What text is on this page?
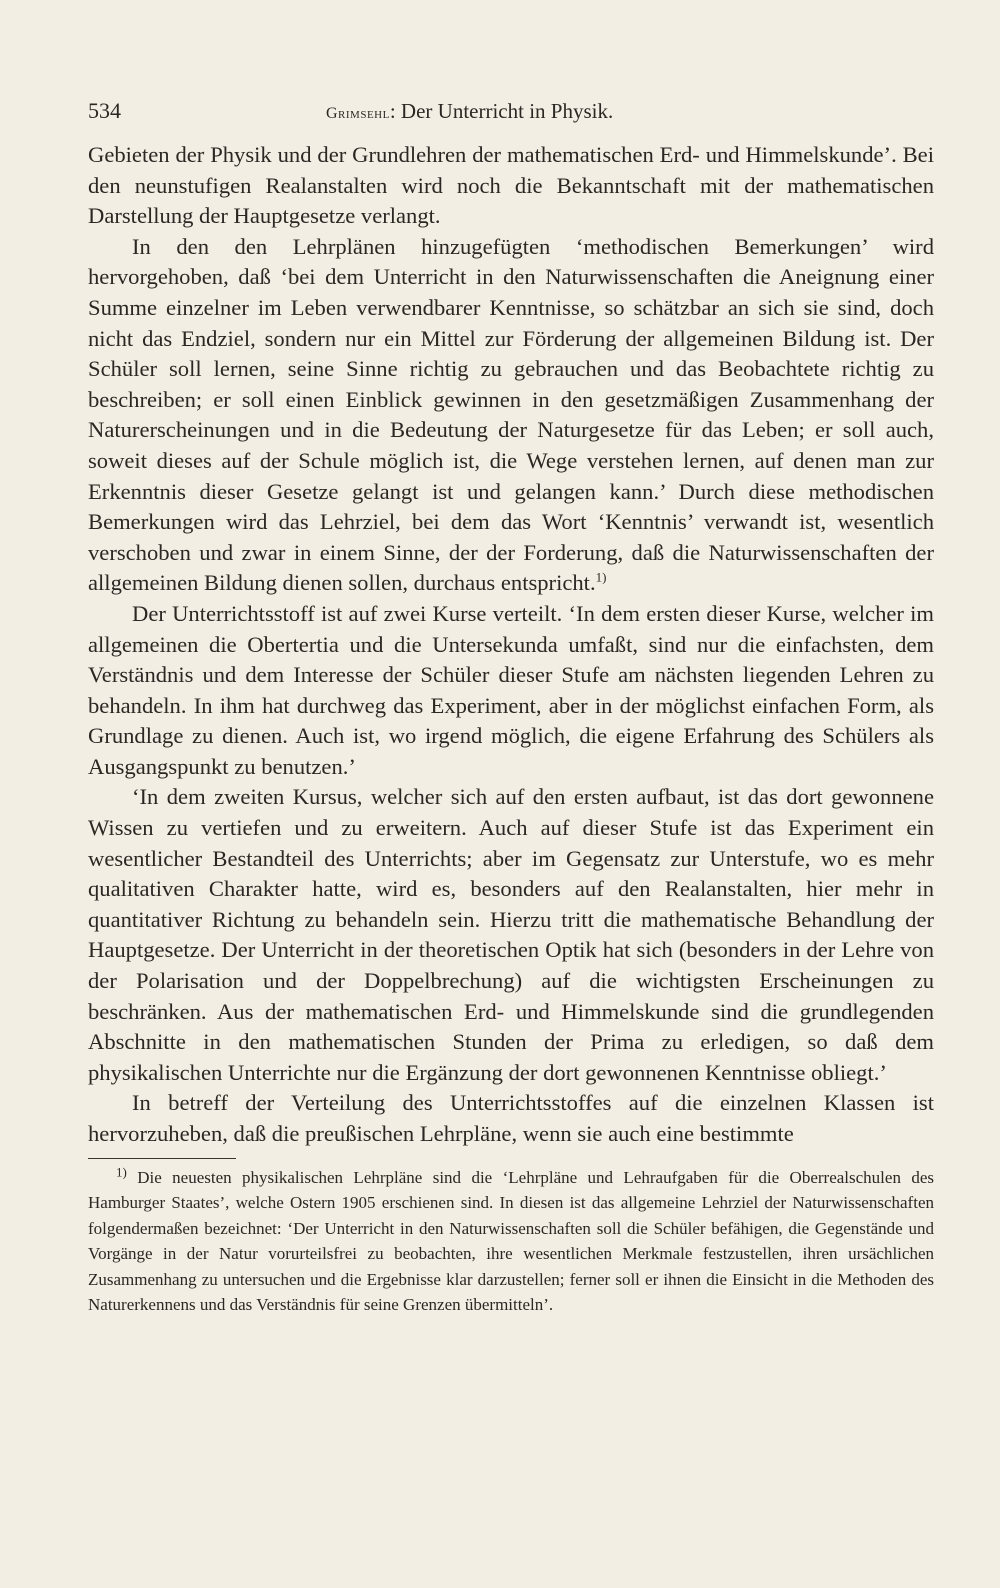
534	Grimsehl: Der Unterricht in Physik.

Gebieten der Physik und der Grundlehren der mathematischen Erd- und Himmelskunde’. Bei den neunstufigen Realanstalten wird noch die Bekanntschaft mit der mathematischen Darstellung der Hauptgesetze verlangt.

In den den Lehrplänen hinzugefügten ‘methodischen Bemerkungen’ wird hervorgehoben, daß ‘bei dem Unterricht in den Naturwissenschaften die Aneignung einer Summe einzelner im Leben verwendbarer Kenntnisse, so schätzbar an sich sie sind, doch nicht das Endziel, sondern nur ein Mittel zur Förderung der allgemeinen Bildung ist. Der Schüler soll lernen, seine Sinne richtig zu gebrauchen und das Beobachtete richtig zu beschreiben; er soll einen Einblick gewinnen in den gesetzmäßigen Zusammenhang der Naturerscheinungen und in die Bedeutung der Naturgesetze für das Leben; er soll auch, soweit dieses auf der Schule möglich ist, die Wege verstehen lernen, auf denen man zur Erkenntnis dieser Gesetze gelangt ist und gelangen kann.’ Durch diese methodischen Bemerkungen wird das Lehrziel, bei dem das Wort ‘Kenntnis’ verwandt ist, wesentlich verschoben und zwar in einem Sinne, der der Forderung, daß die Naturwissenschaften der allgemeinen Bildung dienen sollen, durchaus entspricht.$^{1)}$

Der Unterrichtsstoff ist auf zwei Kurse verteilt. ‘In dem ersten dieser Kurse, welcher im allgemeinen die Obertertia und die Untersekunda umfaßt, sind nur die einfachsten, dem Verständnis und dem Interesse der Schüler dieser Stufe am nächsten liegenden Lehren zu behandeln. In ihm hat durchweg das Experiment, aber in der möglichst einfachen Form, als Grundlage zu dienen. Auch ist, wo irgend möglich, die eigene Erfahrung des Schülers als Ausgangspunkt zu benutzen.’

‘In dem zweiten Kursus, welcher sich auf den ersten aufbaut, ist das dort gewonnene Wissen zu vertiefen und zu erweitern. Auch auf dieser Stufe ist das Experiment ein wesentlicher Bestandteil des Unterrichts; aber im Gegensatz zur Unterstufe, wo es mehr qualitativen Charakter hatte, wird es, besonders auf den Realanstalten, hier mehr in quantitativer Richtung zu behandeln sein. Hierzu tritt die mathematische Behandlung der Hauptgesetze. Der Unterricht in der theoretischen Optik hat sich (besonders in der Lehre von der Polarisation und der Doppelbrechung) auf die wichtigsten Erscheinungen zu beschränken. Aus der mathematischen Erd- und Himmelskunde sind die grundlegenden Abschnitte in den mathematischen Stunden der Prima zu erledigen, so daß dem physikalischen Unterrichte nur die Ergänzung der dort gewonnenen Kenntnisse obliegt.’

In betreff der Verteilung des Unterrichtsstoffes auf die einzelnen Klassen ist hervorzuheben, daß die preußischen Lehrpläne, wenn sie auch eine bestimmte

$^{1)}$ Die neuesten physikalischen Lehrpläne sind die ‘Lehrpläne und Lehraufgaben für die Oberrealschulen des Hamburger Staates’, welche Ostern 1905 erschienen sind. In diesen ist das allgemeine Lehrziel der Naturwissenschaften folgendermaßen bezeichnet: ‘Der Unterricht in den Naturwissenschaften soll die Schüler befähigen, die Gegenstände und Vorgänge in der Natur vorurteilsfrei zu beobachten, ihre wesentlichen Merkmale festzustellen, ihren ursächlichen Zusammenhang zu untersuchen und die Ergebnisse klar darzustellen; ferner soll er ihnen die Einsicht in die Methoden des Naturerkennens und das Verständnis für seine Grenzen übermitteln’.
